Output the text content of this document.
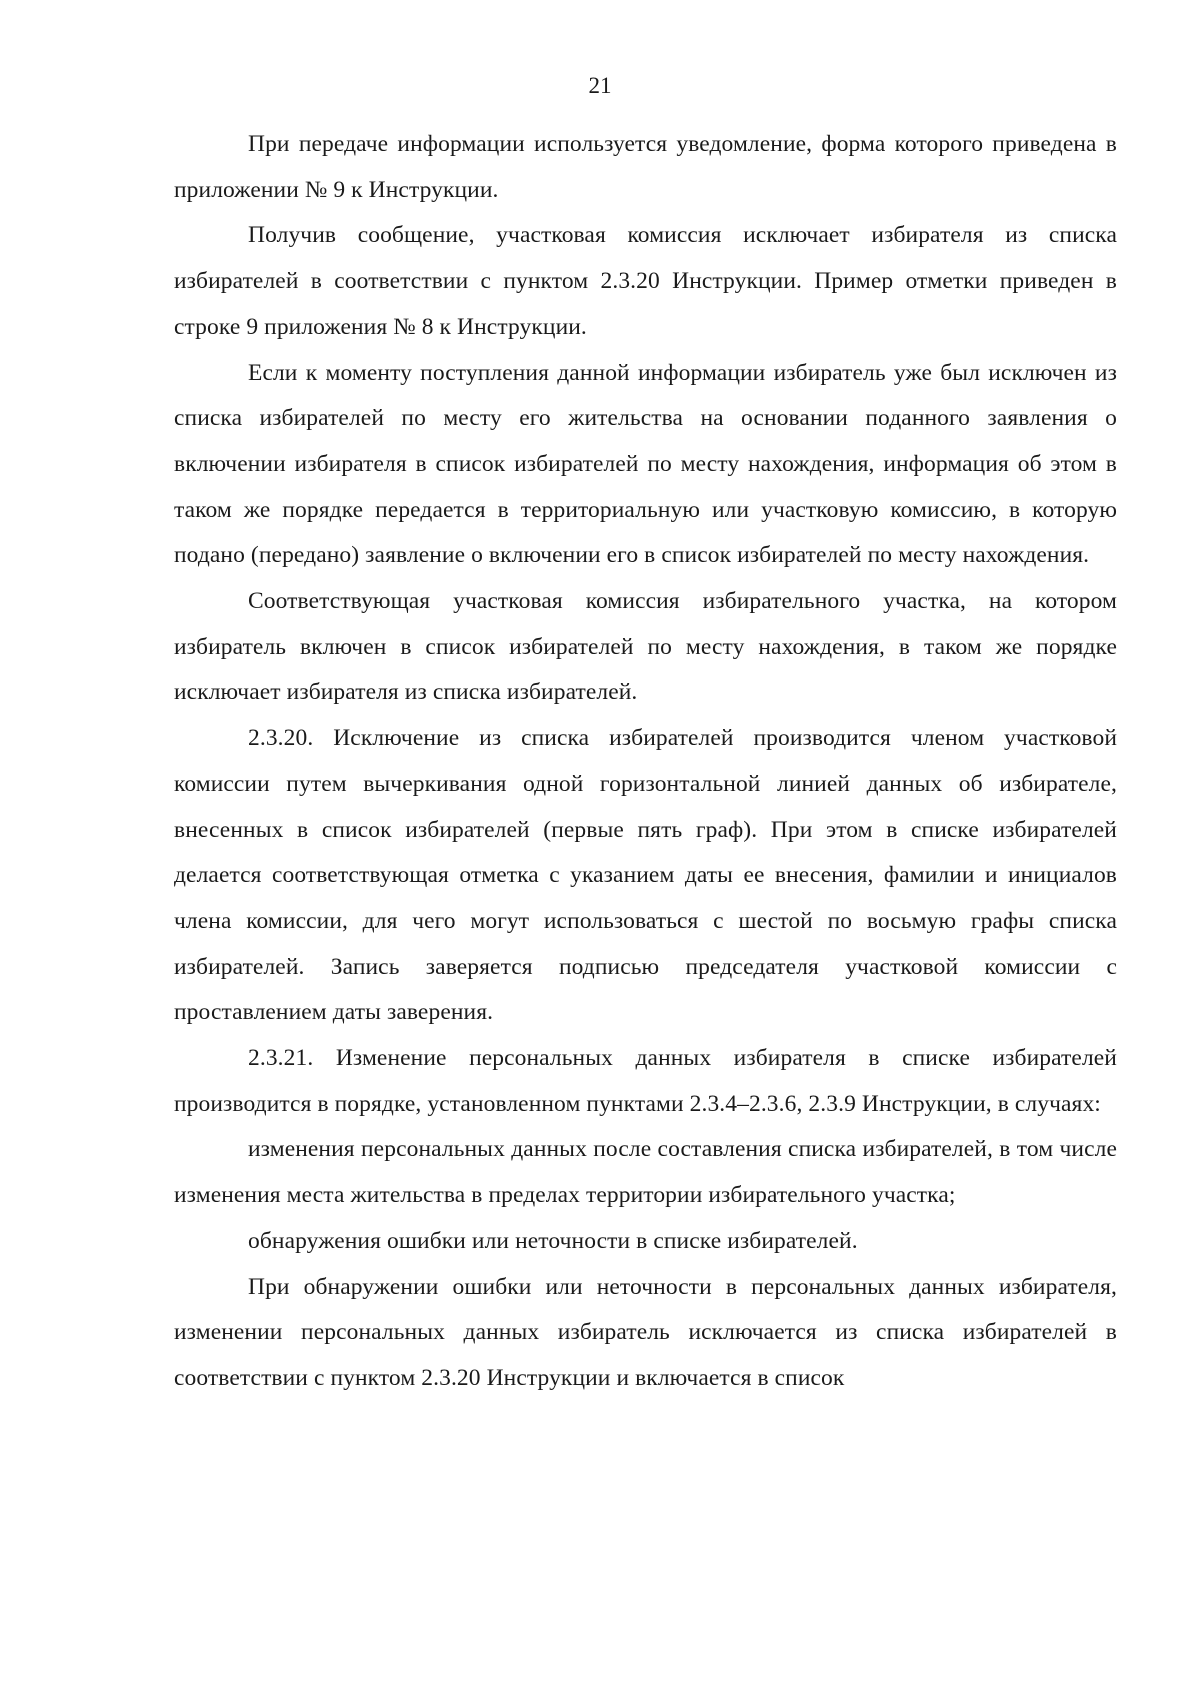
21

При передаче информации используется уведомление, форма которого приведена в приложении № 9 к Инструкции.

Получив сообщение, участковая комиссия исключает избирателя из списка избирателей в соответствии с пунктом 2.3.20 Инструкции. Пример отметки приведен в строке 9 приложения № 8 к Инструкции.

Если к моменту поступления данной информации избиратель уже был исключен из списка избирателей по месту его жительства на основании поданного заявления о включении избирателя в список избирателей по месту нахождения, информация об этом в таком же порядке передается в территориальную или участковую комиссию, в которую подано (передано) заявление о включении его в список избирателей по месту нахождения.

Соответствующая участковая комиссия избирательного участка, на котором избиратель включен в список избирателей по месту нахождения, в таком же порядке исключает избирателя из списка избирателей.

2.3.20. Исключение из списка избирателей производится членом участковой комиссии путем вычеркивания одной горизонтальной линией данных об избирателе, внесенных в список избирателей (первые пять граф). При этом в списке избирателей делается соответствующая отметка с указанием даты ее внесения, фамилии и инициалов члена комиссии, для чего могут использоваться с шестой по восьмую графы списка избирателей. Запись заверяется подписью председателя участковой комиссии с проставлением даты заверения.

2.3.21. Изменение персональных данных избирателя в списке избирателей производится в порядке, установленном пунктами 2.3.4–2.3.6, 2.3.9 Инструкции, в случаях:

изменения персональных данных после составления списка избирателей, в том числе изменения места жительства в пределах территории избирательного участка;

обнаружения ошибки или неточности в списке избирателей.

При обнаружении ошибки или неточности в персональных данных избирателя, изменении персональных данных избиратель исключается из списка избирателей в соответствии с пунктом 2.3.20 Инструкции и включается в список
